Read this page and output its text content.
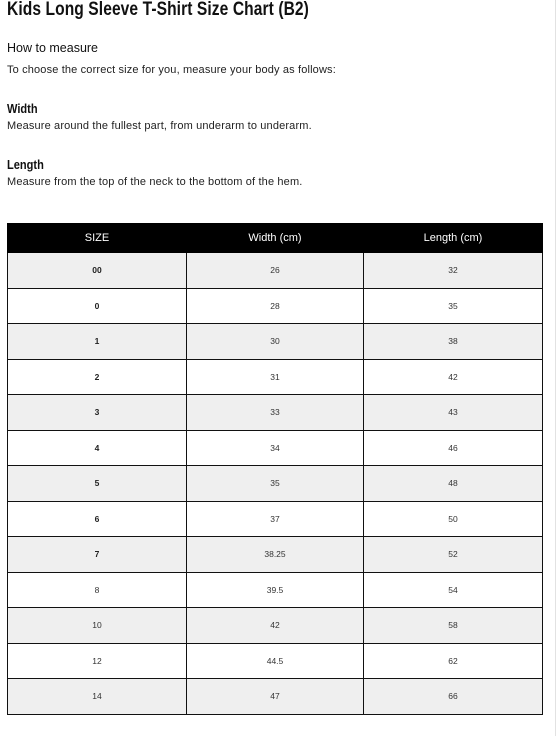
Kids Long Sleeve T-Shirt Size Chart (B2)
How to measure

To choose the correct size for you, measure your body as follows:

Width

Measure around the fullest part, from underarm to underarm.

Length

Measure from the top of the neck to the bottom of the hem.

SIZE	Width (cm)	Length (cm)
00	26	32
0	28	35
1	30	38
2	31	42
3	33	43
4	34	46
5	35	48
6	37	50
7	38.25	52
8	39.5	54
10	42	58
12	44.5	62
14	47	66
